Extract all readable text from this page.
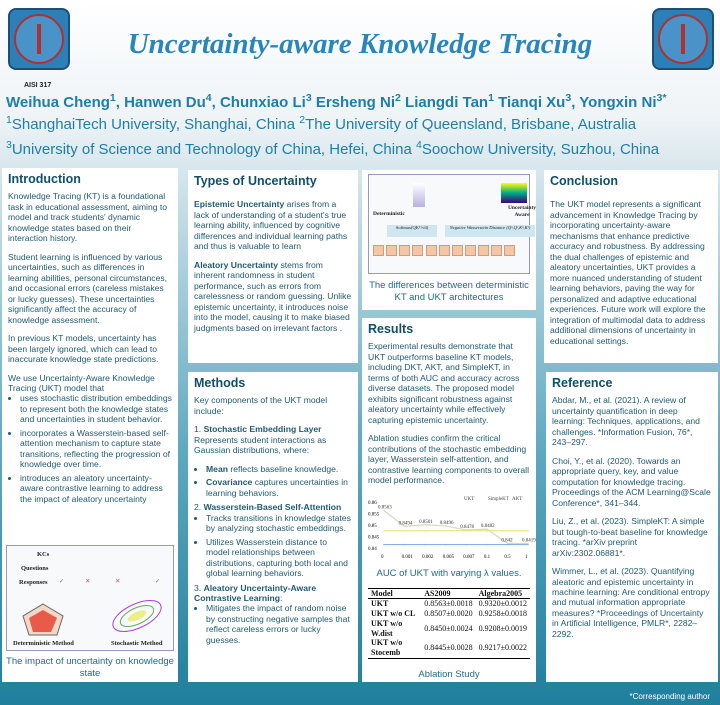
Uncertainty-aware Knowledge Tracing
AISI 317
Weihua Cheng$^1$, Hanwen Du$^4$, Chunxiao Li$^3$ Ersheng Ni$^2$ Liangdi Tan$^1$ Tianqi Xu$^3$, Yongxin $Ni^{3*}$
$^1$ShanghaiTech University, Shanghai, China $^2$The University of Queensland, Brisbane, Australia
$^3$University of Science and Technology of China, Hefei, China $^4$Soochow University, Suzhou, China
Introduction

Knowledge Tracing (KT) is a foundational task in educational assessment, aiming to model and track students' dynamic knowledge states based on their interaction history.

Student learning is influenced by various uncertainties, such as differences in learning abilities, personal circumstances, and occasional errors (careless mistakes or lucky guesses). These uncertainties significantly affect the accuracy of knowledge assessment.

In previous KT models, uncertainty has been largely ignored, which can lead to inaccurate knowledge state predictions.

We use Uncertainty-Aware Knowledge Tracing (UKT) model that
• uses stochastic distribution embeddings to represent both the knowledge states and uncertainties in student behavior.
• incorporates a Wasserstein-based self-attention mechanism to capture state transitions, reflecting the progression of knowledge over time.
• introduces an aleatory uncertainty-aware contrastive learning to address the impact of aleatory uncertainty
KCs
Questions
Responses ✓	✕	✕	✓
Deterministic Method	Stochastic Method
The impact of uncertainty on knowledge state
Types of Uncertainty

Epistemic Uncertainty arises from a lack of understanding of a student's true learning ability, influenced by cognitive differences and individual learning paths and thus is valuable to learn

Aleatory Uncertainty stems from inherent randomness in student performance, such as errors from carelessness or random guessing. Unlike epistemic uncertainty, it introduces noise into the model, causing it to make biased judgments based on irrelevant factors .

Methods

Key components of the UKT model include:

1. Stochastic Embedding Layer

Represents student interactions as Gaussian distributions, where:

• Mean reflects baseline knowledge.
• Covariance captures uncertainties in learning behaviors.
2. Wasserstein-Based Self-Attention
• Tracks transitions in knowledge states by analyzing stochastic embeddings.
• Utilizes Wasserstein distance to model relationships between distributions, capturing both local and global learning behaviors.
3. Aleatory Uncertainty-Aware Contrastive Learning:
• Mitigates the impact of random noise by constructing negative samples that reflect careless errors or lucky guesses.
Deterministic
Uncertainty Aware
Softmax(QKᵀ/√d)	Negative Wasserstein Distance (Qᵘ,Qᶜ,Kᵘ,Kᶜ)

The differences between deterministic KT and UKT architectures
Results

Experimental results demonstrate that UKT outperforms baseline KT models, including DKT, AKT, and SimpleKT, in terms of both AUC and accuracy across diverse datasets. The proposed model exhibits significant robustness against aleatory uncertainty while effectively capturing epistemic uncertainty.

Ablation studies confirm the critical contributions of the stochastic embedding layer, Wasserstein self-attention, and contrastive learning components to overall model performance.

0.86
0.855
0.85
0.845
0.84
0	0.001 0.002 0.005 0.007 0.1	0.5	1
UKT
0.8563
0.8494 0.8501 0.8496
0.8478 0.8482
0.842 0.8419
SimpleKT AKT
AUC of UKT with varying λ values.
Model	AS2009	Algebra2005
UKT	0.8563±0.0018	0.9320±0.0012
UKT w/o CL	0.8507±0.0020	0.9258±0.0018
UKT w/o W.dist	0.8450±0.0024	0.9208±0.0019
UKT w/o Stocemb	0.8445±0.0028	0.9217±0.0022
Ablation Study
Conclusion

The UKT model represents a significant advancement in Knowledge Tracing by incorporating uncertainty-aware mechanisms that enhance predictive accuracy and robustness. By addressing the dual challenges of epistemic and aleatory uncertainties, UKT provides a more nuanced understanding of student learning behaviors, paving the way for personalized and adaptive educational experiences. Future work will explore the integration of multimodal data to address additional dimensions of uncertainty in educational settings.

Reference

Abdar, M., et al. (2021). A review of uncertainty quantification in deep learning: Techniques, applications, and challenges. *Information Fusion, 76*, 243–297.

Choi, Y., et al. (2020). Towards an appropriate query, key, and value computation for knowledge tracing. Proceedings of the ACM Learning@Scale Conference*, 341–344.

Liu, Z., et al. (2023). SimpleKT: A simple but tough-to-beat baseline for knowledge tracing. *arXiv preprint arXiv:2302.06881*.

Wimmer, L., et al. (2023). Quantifying aleatoric and epistemic uncertainty in machine learning: Are conditional entropy and mutual information appropriate measures? *Proceedings of Uncertainty in Artificial Intelligence, PMLR*, 2282–2292.

*Corresponding author
